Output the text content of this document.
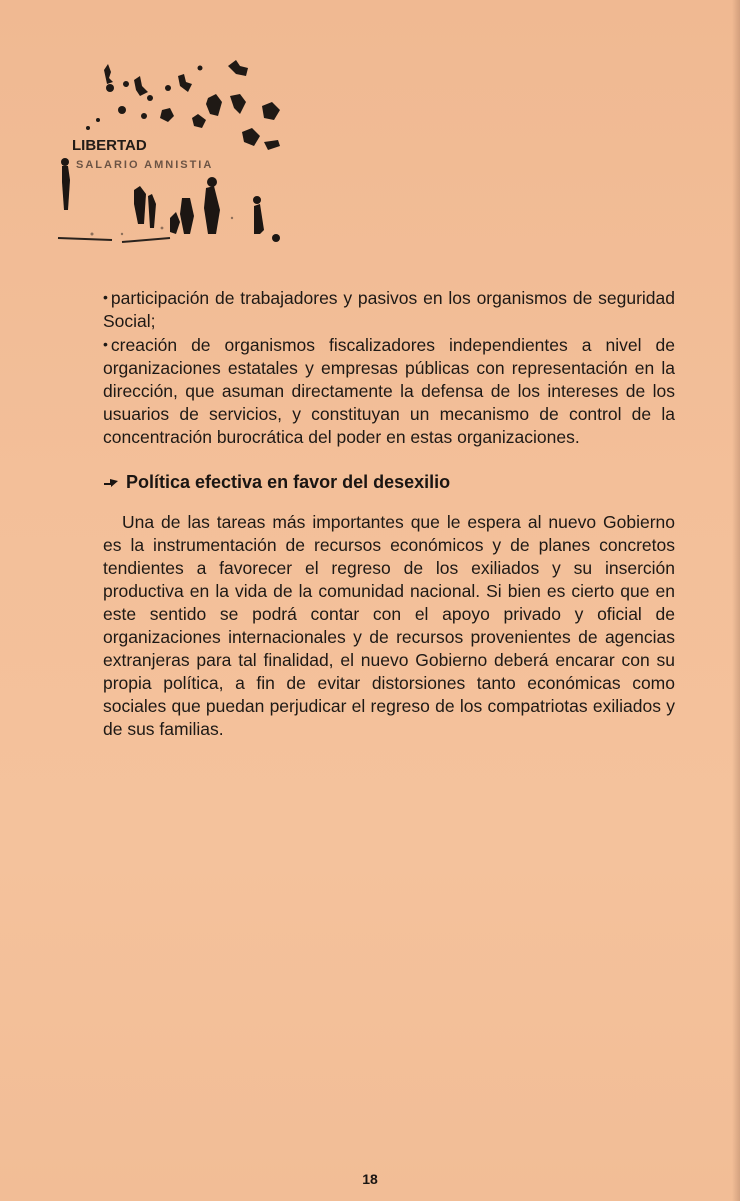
LIBERTAD
SALARIO AMNISTIA

• participación de trabajadores y pasivos en los organismos de seguridad Social;

• creación de organismos fiscalizadores independientes a nivel de organizaciones estatales y empresas públicas con representación en la dirección, que asuman directamente la defensa de los intereses de los usuarios de servicios, y constituyan un mecanismo de control de la concentración burocrática del poder en estas organizaciones.

Política efectiva en favor del desexilio

Una de las tareas más importantes que le espera al nuevo Gobierno es la instrumentación de recursos económicos y de planes concretos tendientes a favorecer el regreso de los exiliados y su inserción productiva en la vida de la comunidad nacional. Si bien es cierto que en este sentido se podrá contar con el apoyo privado y oficial de organizaciones internacionales y de recursos provenientes de agencias extranjeras para tal finalidad, el nuevo Gobierno deberá encarar con su propia política, a fin de evitar distorsiones tanto económicas como sociales que puedan perjudicar el regreso de los compatriotas exiliados y de sus familias.

18
